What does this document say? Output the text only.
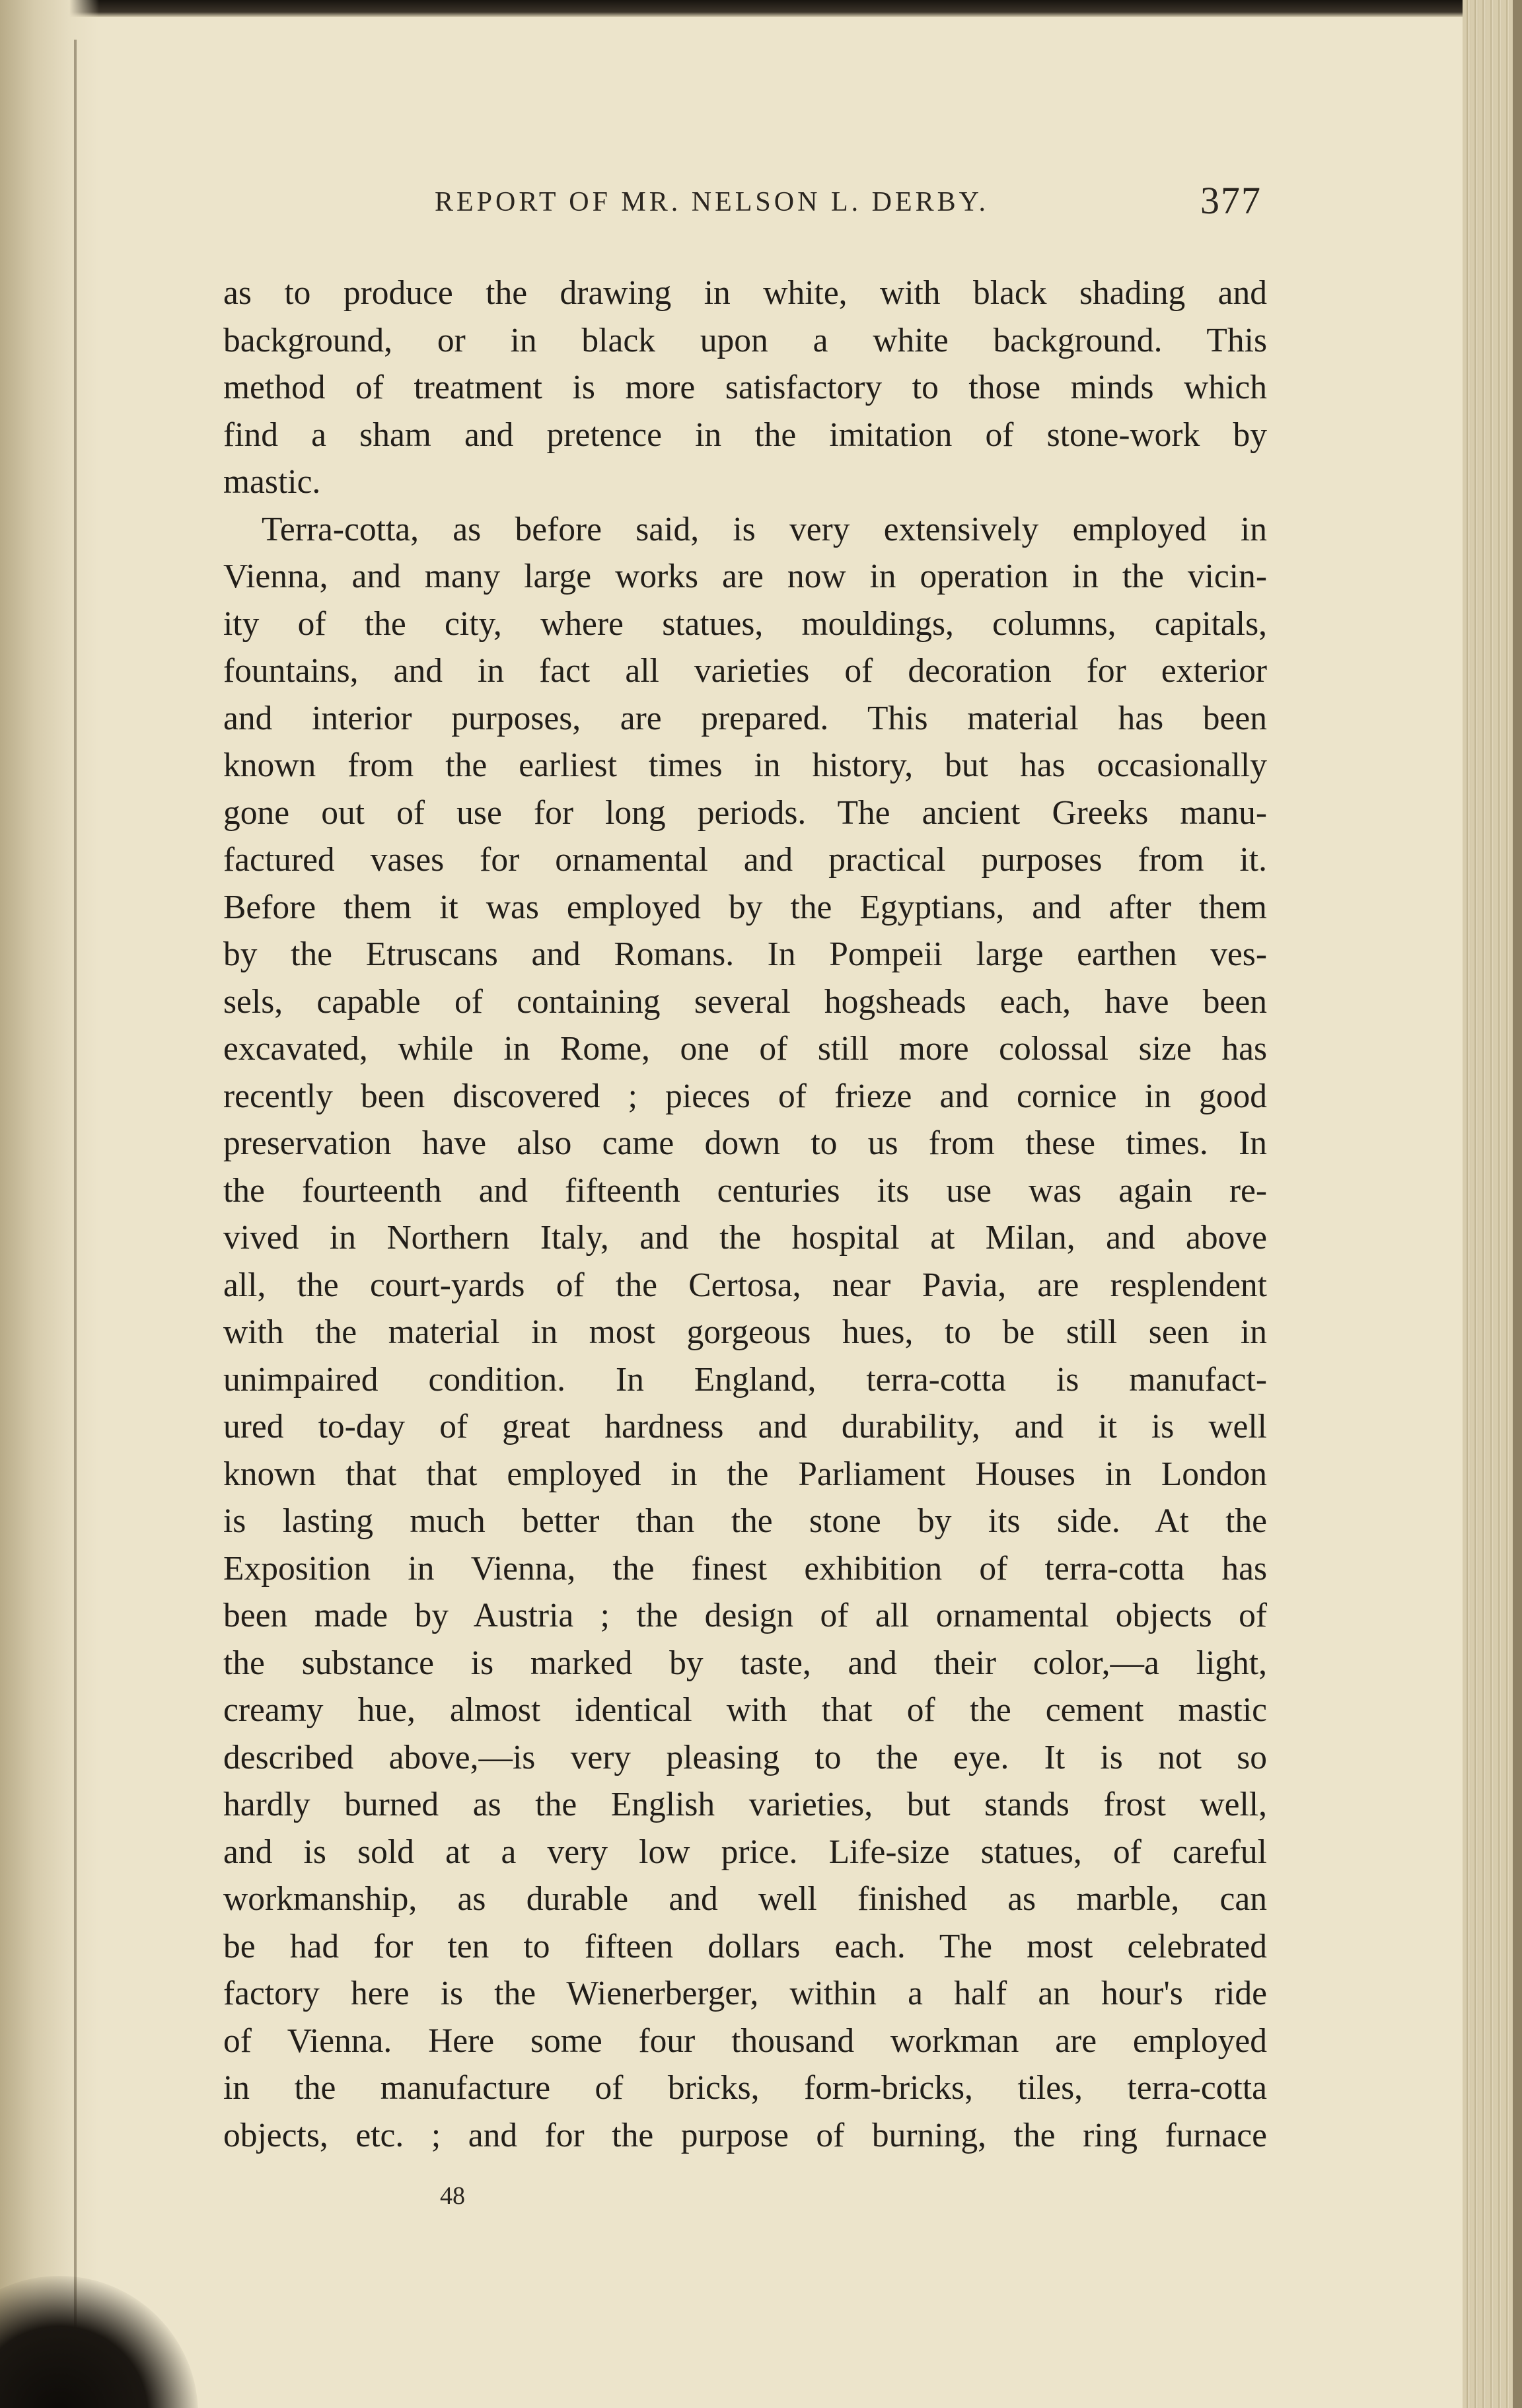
REPORT OF MR. NELSON L. DERBY.	377
as to produce the drawing in white, with black shading and
background, or in black upon a white background. This
method of treatment is more satisfactory to those minds which
find a sham and pretence in the imitation of stone-work by
mastic.
Terra-cotta, as before said, is very extensively employed in
Vienna, and many large works are now in operation in the vicin-
ity of the city, where statues, mouldings, columns, capitals,
fountains, and in fact all varieties of decoration for exterior
and interior purposes, are prepared. This material has been
known from the earliest times in history, but has occasionally
gone out of use for long periods. The ancient Greeks manu-
factured vases for ornamental and practical purposes from it.
Before them it was employed by the Egyptians, and after them
by the Etruscans and Romans. In Pompeii large earthen ves-
sels, capable of containing several hogsheads each, have been
excavated, while in Rome, one of still more colossal size has
recently been discovered ; pieces of frieze and cornice in good
preservation have also came down to us from these times. In
the fourteenth and fifteenth centuries its use was again re-
vived in Northern Italy, and the hospital at Milan, and above
all, the court-yards of the Certosa, near Pavia, are resplendent
with the material in most gorgeous hues, to be still seen in
unimpaired condition. In England, terra-cotta is manufact-
ured to-day of great hardness and durability, and it is well
known that that employed in the Parliament Houses in London
is lasting much better than the stone by its side. At the
Exposition in Vienna, the finest exhibition of terra-cotta has
been made by Austria ; the design of all ornamental objects of
the substance is marked by taste, and their color,—a light,
creamy hue, almost identical with that of the cement mastic
described above,—is very pleasing to the eye. It is not so
hardly burned as the English varieties, but stands frost well,
and is sold at a very low price. Life-size statues, of careful
workmanship, as durable and well finished as marble, can
be had for ten to fifteen dollars each. The most celebrated
factory here is the Wienerberger, within a half an hour's ride
of Vienna. Here some four thousand workman are employed
in the manufacture of bricks, form-bricks, tiles, terra-cotta
objects, etc. ; and for the purpose of burning, the ring furnace
48
